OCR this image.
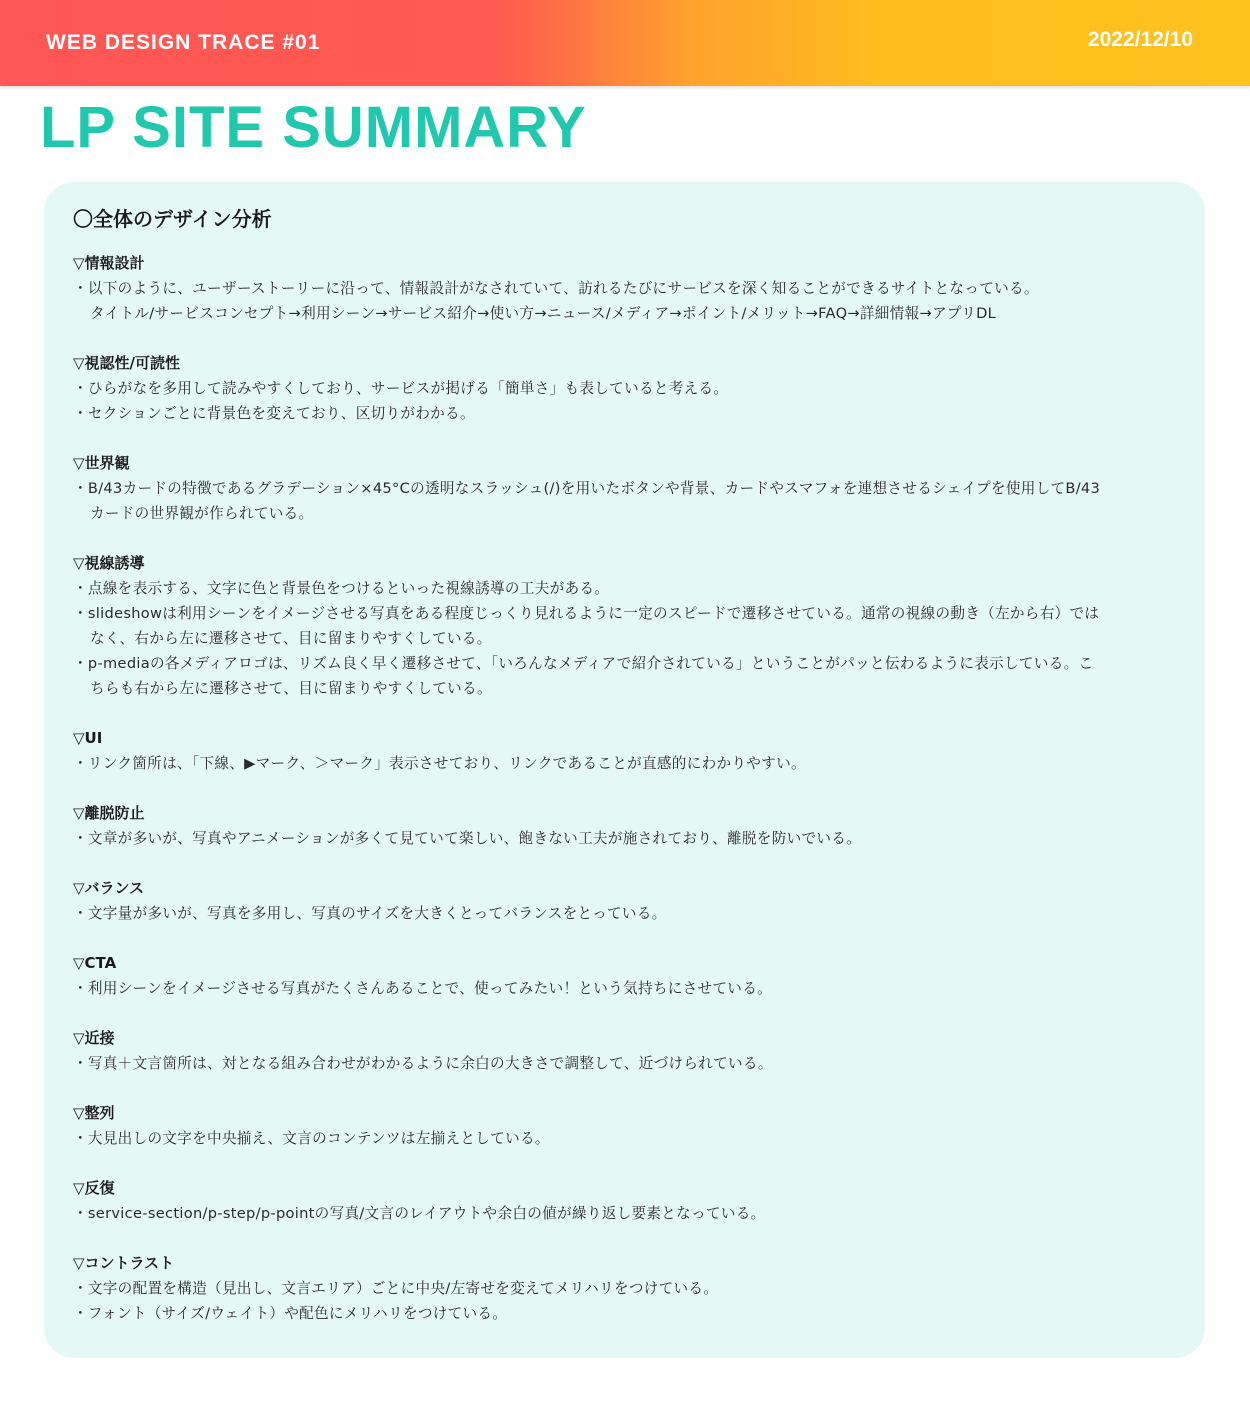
WEB DESIGN TRACE #01	2022/12/10
LP SITE SUMMARY
〇全体のデザイン分析
▽情報設計
・以下のように、ユーザーストーリーに沿って、情報設計がなされていて、訪れるたびにサービスを深く知ることができるサイトとなっている。
タイトル/サービスコンセプト→利用シーン→サービス紹介→使い方→ニュース/メディア→ポイント/メリット→FAQ→詳細情報→アプリDL
▽視認性/可読性
・ひらがなを多用して読みやすくしており、サービスが掲げる「簡単さ」も表していると考える。
・セクションごとに背景色を変えており、区切りがわかる。
▽世界観
・B/43カードの特徴であるグラデーション×45°Cの透明なスラッシュ(/)を用いたボタンや背景、カードやスマフォを連想させるシェイプを使用してB/43
カードの世界観が作られている。
▽視線誘導
・点線を表示する、文字に色と背景色をつけるといった視線誘導の工夫がある。
・slideshowは利用シーンをイメージさせる写真をある程度じっくり見れるように一定のスピードで遷移させている。通常の視線の動き（左から右）では
なく、右から左に遷移させて、目に留まりやすくしている。
・p-mediaの各メディアロゴは、リズム良く早く遷移させて、「いろんなメディアで紹介されている」ということがパッと伝わるように表示している。こ
ちらも右から左に遷移させて、目に留まりやすくしている。
▽UI
・リンク箇所は、「下線、▶マーク、＞マーク」表示させており、リンクであることが直感的にわかりやすい。
▽離脱防止
・文章が多いが、写真やアニメーションが多くて見ていて楽しい、飽きない工夫が施されており、離脱を防いでいる。
▽バランス
・文字量が多いが、写真を多用し、写真のサイズを大きくとってバランスをとっている。
▽CTA
・利用シーンをイメージさせる写真がたくさんあることで、使ってみたい！という気持ちにさせている。
▽近接
・写真＋文言箇所は、対となる組み合わせがわかるように余白の大きさで調整して、近づけられている。
▽整列
・大見出しの文字を中央揃え、文言のコンテンツは左揃えとしている。
▽反復
・service-section/p-step/p-pointの写真/文言のレイアウトや余白の値が繰り返し要素となっている。
▽コントラスト
・文字の配置を構造（見出し、文言エリア）ごとに中央/左寄せを変えてメリハリをつけている。
・フォント（サイズ/ウェイト）や配色にメリハリをつけている。
